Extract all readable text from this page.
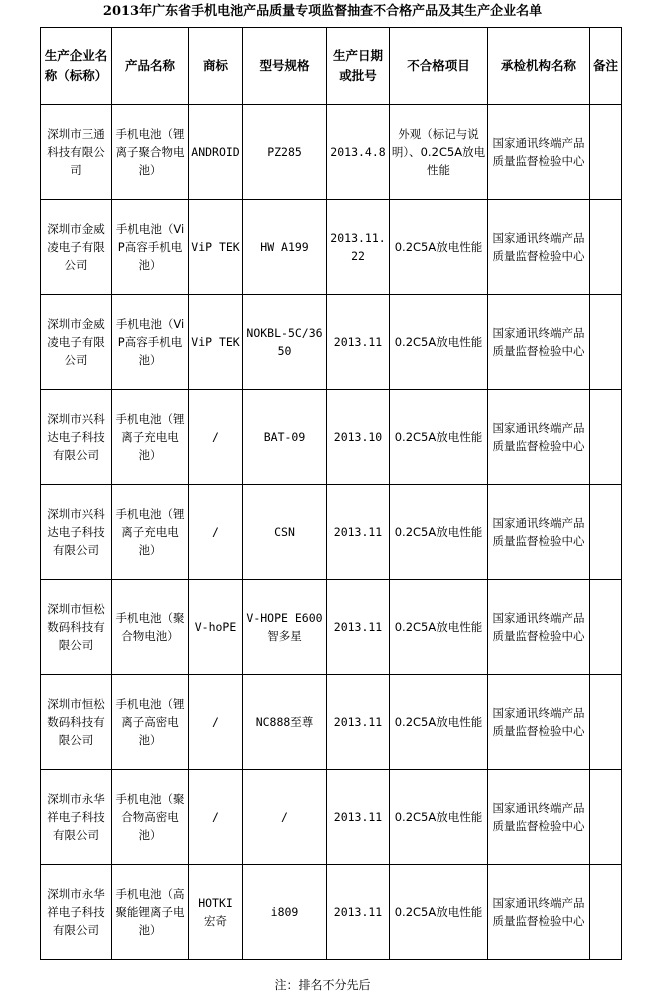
2013年广东省手机电池产品质量专项监督抽查不合格产品及其生产企业名单
生产企业名称（标称）	产品名称	商标	型号规格	生产日期或批号	不合格项目	承检机构名称	备注
深圳市三通科技有限公司	手机电池（锂离子聚合物电池）	ANDROID	PZ285	2013.4.8	外观（标记与说明）、0.2C5A放电性能	国家通讯终端产品质量监督检验中心	
深圳市金威凌电子有限公司	手机电池（ViP高容手机电池）	ViP TEK	HW A199	2013.11.22	0.2C5A放电性能	国家通讯终端产品质量监督检验中心	
深圳市金威凌电子有限公司	手机电池（ViP高容手机电池）	ViP TEK	NOKBL-5C/3650	2013.11	0.2C5A放电性能	国家通讯终端产品质量监督检验中心	
深圳市兴科达电子科技有限公司	手机电池（锂离子充电电池）	/	BAT-09	2013.10	0.2C5A放电性能	国家通讯终端产品质量监督检验中心	
深圳市兴科达电子科技有限公司	手机电池（锂离子充电电池）	/	CSN	2013.11	0.2C5A放电性能	国家通讯终端产品质量监督检验中心	
深圳市恒松数码科技有限公司	手机电池（聚合物电池）	V-hoPE	V-HOPE E600智多星	2013.11	0.2C5A放电性能	国家通讯终端产品质量监督检验中心	
深圳市恒松数码科技有限公司	手机电池（锂离子高密电池）	/	NC888至尊	2013.11	0.2C5A放电性能	国家通讯终端产品质量监督检验中心	
深圳市永华祥电子科技有限公司	手机电池（聚合物高密电池）	/	/	2013.11	0.2C5A放电性能	国家通讯终端产品质量监督检验中心	
深圳市永华祥电子科技有限公司	手机电池（高聚能锂离子电池）	HOTKI 宏奇	i809	2013.11	0.2C5A放电性能	国家通讯终端产品质量监督检验中心	
注：排名不分先后
